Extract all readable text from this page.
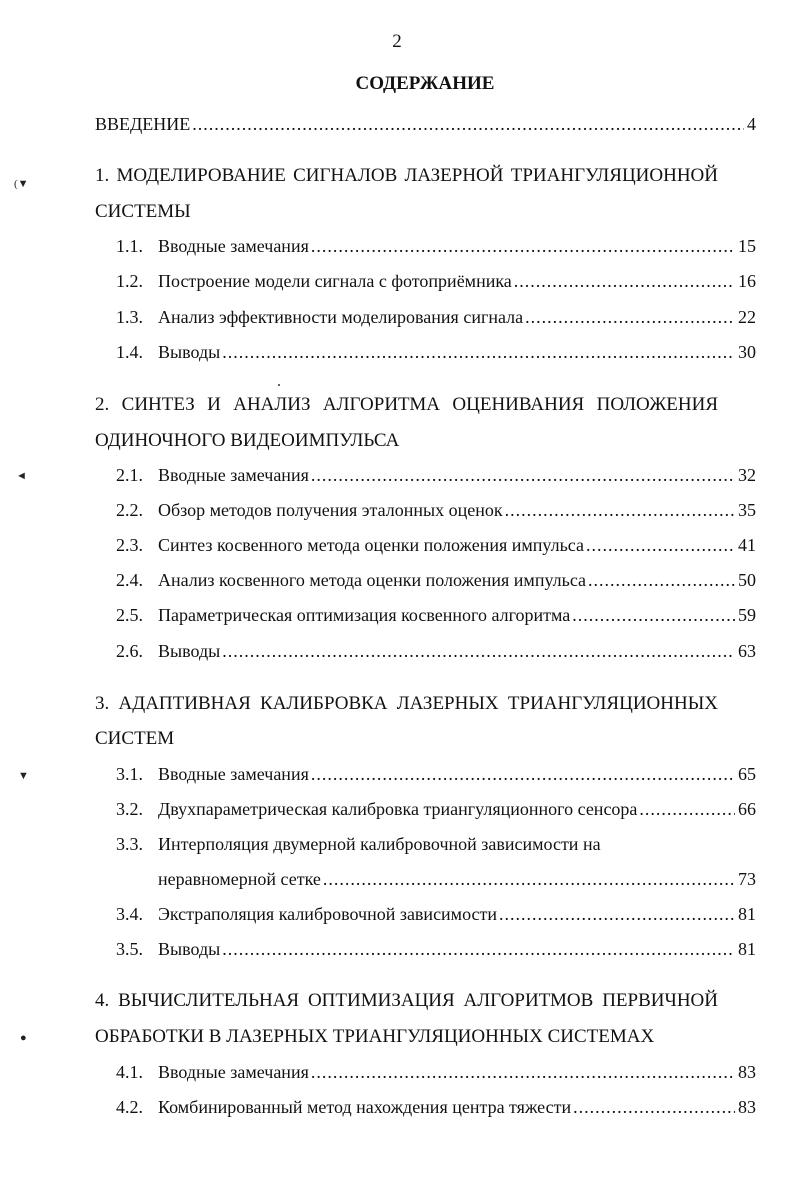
2
СОДЕРЖАНИЕ
ВВЕДЕНИЕ .....	4
1. МОДЕЛИРОВАНИЕ СИГНАЛОВ ЛАЗЕРНОЙ ТРИАНГУЛЯЦИОННОЙ
СИСТЕМЫ
1.1. Вводные замечания .....	15
1.2. Построение модели сигнала с фотоприёмника .....	16
1.3. Анализ эффективности моделирования сигнала .....	22
1.4. Выводы .....	30
2. СИНТЕЗ И АНАЛИЗ АЛГОРИТМА ОЦЕНИВАНИЯ ПОЛОЖЕНИЯ
ОДИНОЧНОГО ВИДЕОИМПУЛЬСА
2.1. Вводные замечания .....	32
2.2. Обзор методов получения эталонных оценок .....	35
2.3. Синтез косвенного метода оценки положения импульса .....	41
2.4. Анализ косвенного метода оценки положения импульса .....	50
2.5. Параметрическая оптимизация косвенного алгоритма .....	59
2.6. Выводы .....	63
3. АДАПТИВНАЯ КАЛИБРОВКА ЛАЗЕРНЫХ ТРИАНГУЛЯЦИОННЫХ
СИСТЕМ
3.1. Вводные замечания .....	65
3.2. Двухпараметрическая калибровка триангуляционного сенсора .....	66
3.3. Интерполяция двумерной калибровочной зависимости на
неравномерной сетке .....	73
3.4. Экстраполяция калибровочной зависимости .....	81
3.5. Выводы .....	81
4. ВЫЧИСЛИТЕЛЬНАЯ ОПТИМИЗАЦИЯ АЛГОРИТМОВ ПЕРВИЧНОЙ
ОБРАБОТКИ В ЛАЗЕРНЫХ ТРИАНГУЛЯЦИОННЫХ СИСТЕМАХ
4.1. Вводные замечания .....	83
4.2. Комбинированный метод нахождения центра тяжести .....	83
(▼
◄
▼
●
